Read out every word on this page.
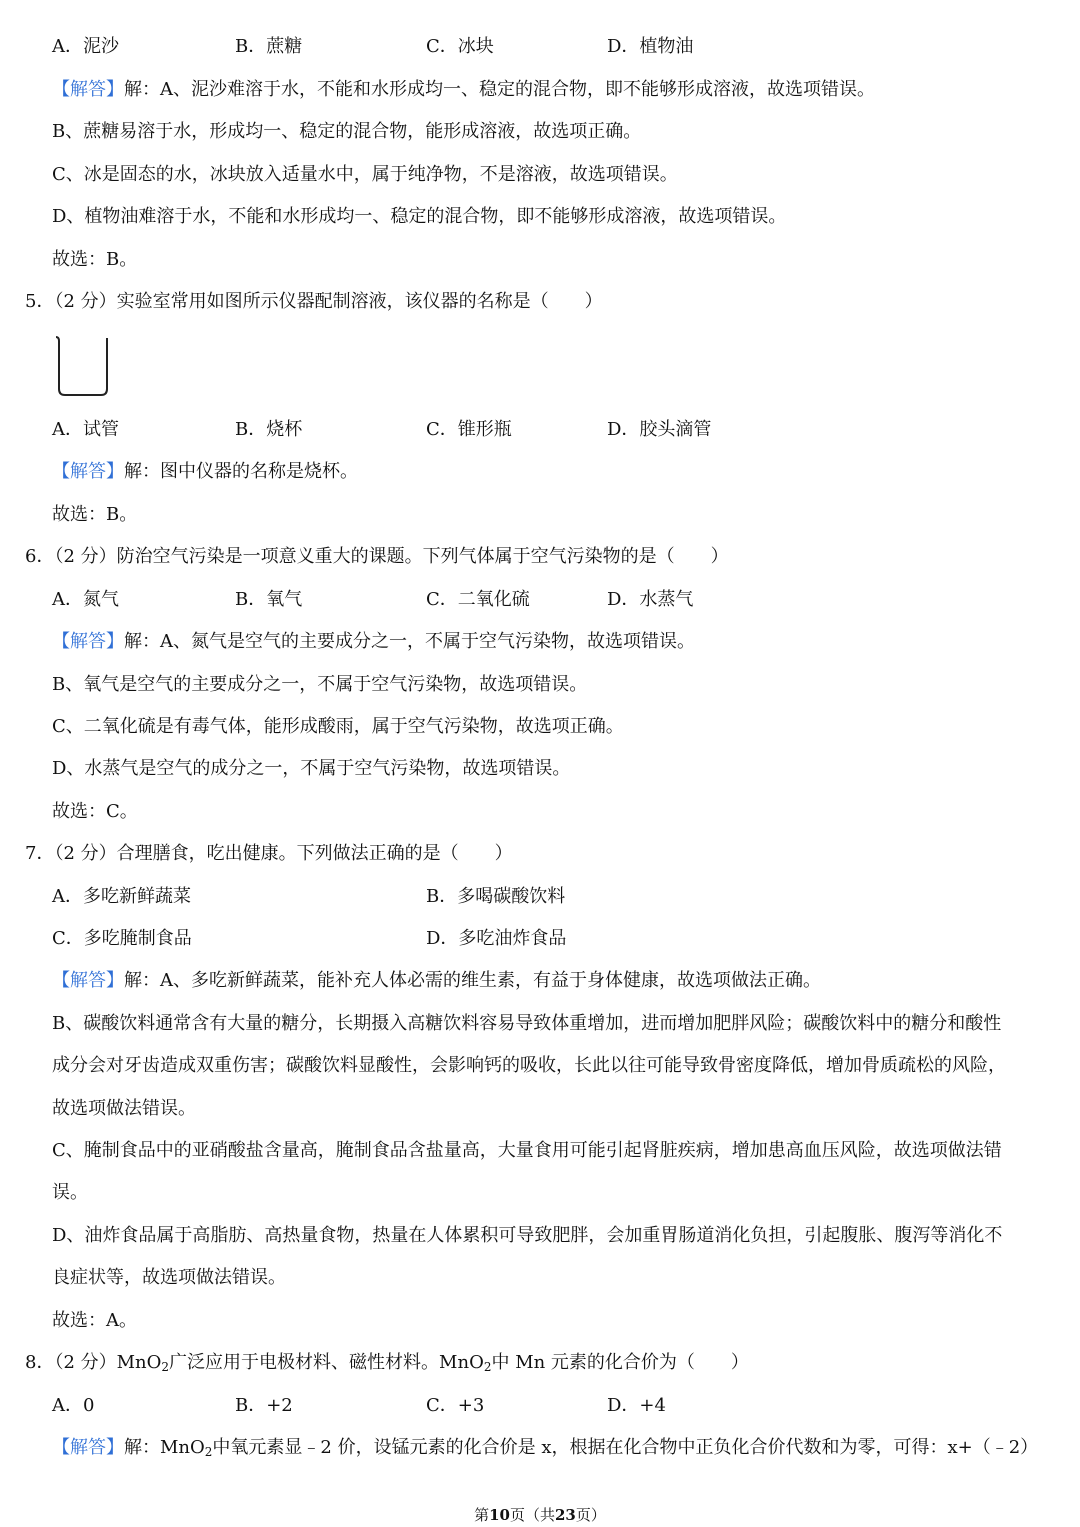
A．泥沙	B．蔗糖	C．冰块	D．植物油
【解答】解：A、泥沙难溶于水，不能和水形成均一、稳定的混合物，即不能够形成溶液，故选项错误。
B、蔗糖易溶于水，形成均一、稳定的混合物，能形成溶液，故选项正确。
C、冰是固态的水，冰块放入适量水中，属于纯净物，不是溶液，故选项错误。
D、植物油难溶于水，不能和水形成均一、稳定的混合物，即不能够形成溶液，故选项错误。
故选：B。
5．（2 分）实验室常用如图所示仪器配制溶液，该仪器的名称是（　　）
A．试管	B．烧杯	C．锥形瓶	D．胶头滴管
【解答】解：图中仪器的名称是烧杯。
故选：B。
6．（2 分）防治空气污染是一项意义重大的课题。下列气体属于空气污染物的是（　　）
A．氮气	B．氧气	C．二氧化硫	D．水蒸气
【解答】解：A、氮气是空气的主要成分之一，不属于空气污染物，故选项错误。
B、氧气是空气的主要成分之一，不属于空气污染物，故选项错误。
C、二氧化硫是有毒气体，能形成酸雨，属于空气污染物，故选项正确。
D、水蒸气是空气的成分之一，不属于空气污染物，故选项错误。
故选：C。
7．（2 分）合理膳食，吃出健康。下列做法正确的是（　　）
A．多吃新鲜蔬菜	B．多喝碳酸饮料
C．多吃腌制食品	D．多吃油炸食品
【解答】解：A、多吃新鲜蔬菜，能补充人体必需的维生素，有益于身体健康，故选项做法正确。
B、碳酸饮料通常含有大量的糖分，长期摄入高糖饮料容易导致体重增加，进而增加肥胖风险；碳酸饮料中的糖分和酸性
成分会对牙齿造成双重伤害；碳酸饮料显酸性，会影响钙的吸收，长此以往可能导致骨密度降低，增加骨质疏松的风险，
故选项做法错误。
C、腌制食品中的亚硝酸盐含量高，腌制食品含盐量高，大量食用可能引起肾脏疾病，增加患高血压风险，故选项做法错
误。
D、油炸食品属于高脂肪、高热量食物，热量在人体累积可导致肥胖，会加重胃肠道消化负担，引起腹胀、腹泻等消化不
良症状等，故选项做法错误。
故选：A。
8．（2 分）MnO$_2$广泛应用于电极材料、磁性材料。MnO$_2$中 Mn 元素的化合价为（　　）
A．0	B．+2	C．+3	D．+4
【解答】解：MnO$_2$中氧元素显﹣2 价，设锰元素的化合价是 x，根据在化合物中正负化合价代数和为零，可得：x+（﹣2）
第10页（共23页）
